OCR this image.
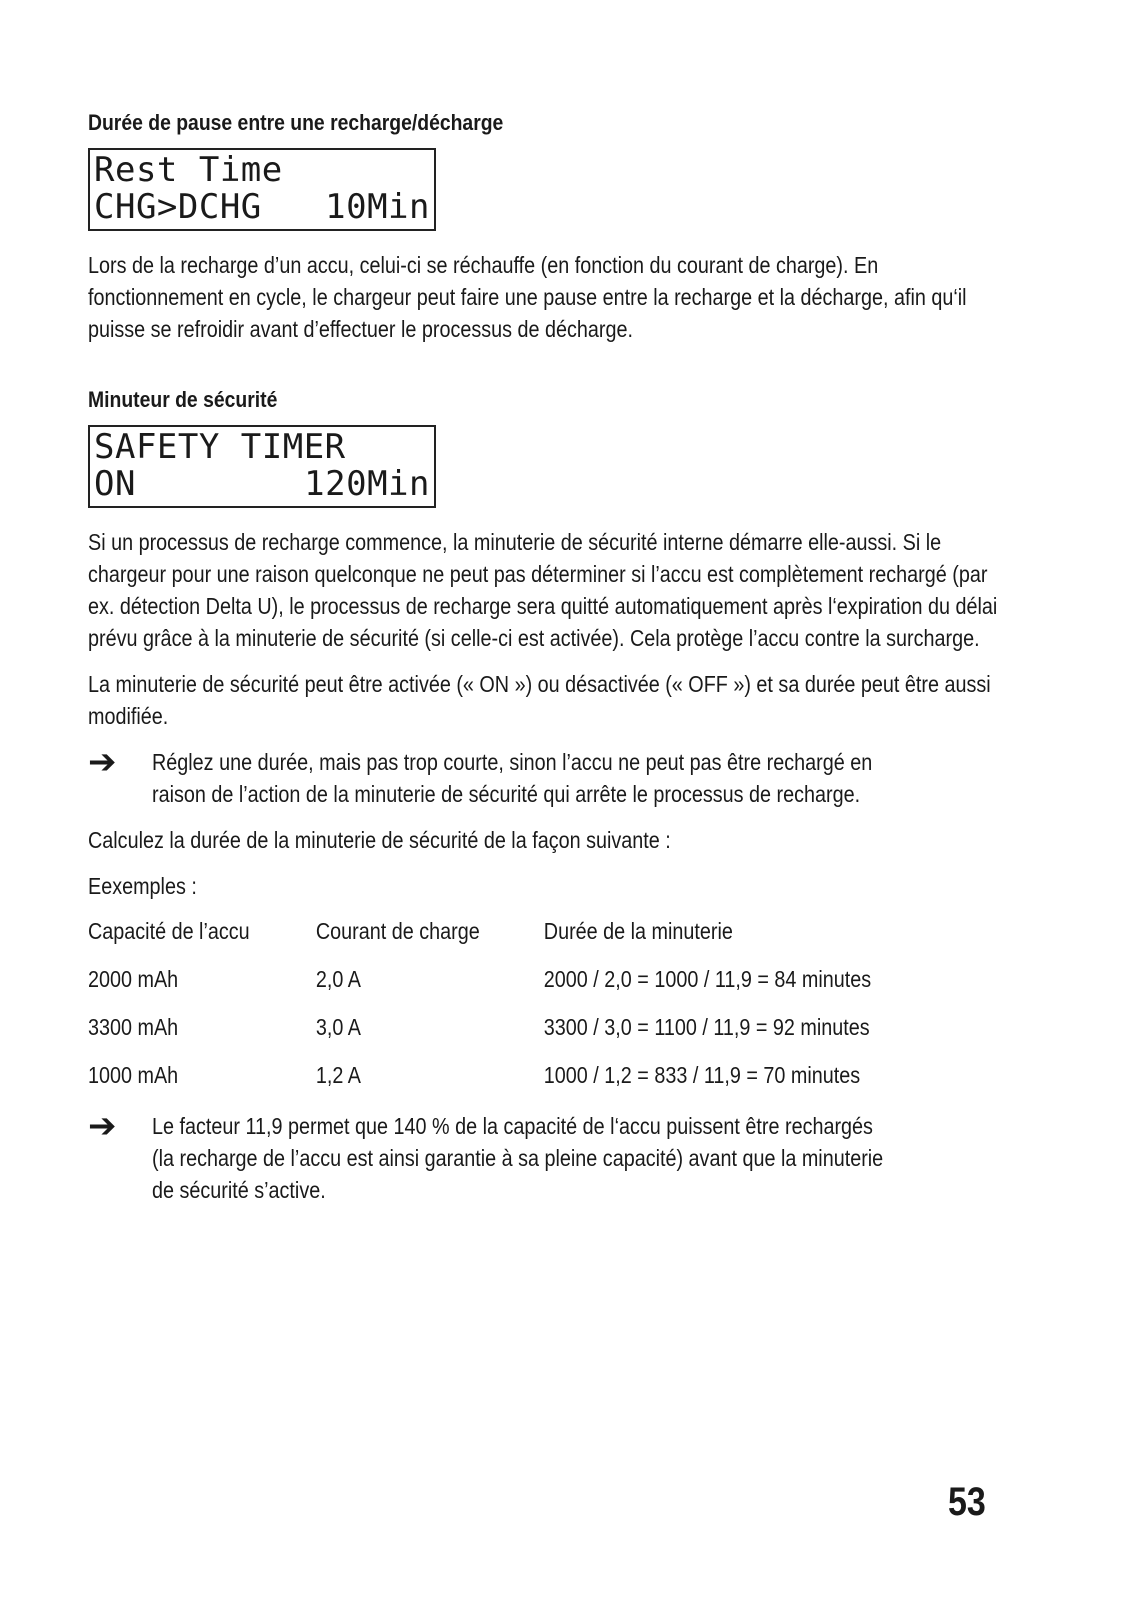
Durée de pause entre une recharge/décharge
Rest Time
CHG>DCHG 10Min

Lors de la recharge d’un accu, celui-ci se réchauffe (en fonction du courant de charge). En fonctionnement en cycle, le chargeur peut faire une pause entre la recharge et la décharge, afin qu‘il puisse se refroidir avant d’effectuer le processus de décharge.

Minuteur de sécurité
SAFETY TIMER
ON	120Min

Si un processus de recharge commence, la minuterie de sécurité interne démarre elle-aussi. Si le chargeur pour une raison quelconque ne peut pas déterminer si l’accu est complètement rechargé (par ex. détection Delta U), le processus de recharge sera quitté automatiquement après l‘expiration du délai prévu grâce à la minuterie de sécurité (si celle-ci est activée). Cela protège l’accu contre la surcharge.

La minuterie de sécurité peut être activée (« ON ») ou désactivée (« OFF ») et sa durée peut être aussi modifiée.

➔	Réglez une durée, mais pas trop courte, sinon l’accu ne peut pas être rechargé en raison de l’action de la minuterie de sécurité qui arrête le processus de recharge.

Calculez la durée de la minuterie de sécurité de la façon suivante :

Eexemples :

Capacité de l’accu	Courant de charge	Durée de la minuterie
2000 mAh	2,0 A	2000 / 2,0 = 1000 / 11,9 = 84 minutes
3300 mAh	3,0 A	3300 / 3,0 = 1100 / 11,9 = 92 minutes
1000 mAh	1,2 A	1000 / 1,2 = 833 / 11,9 = 70 minutes
➔	Le facteur 11,9 permet que 140 % de la capacité de l‘accu puissent être rechargés (la recharge de l’accu est ainsi garantie à sa pleine capacité) avant que la minuterie de sécurité s’active.

53
